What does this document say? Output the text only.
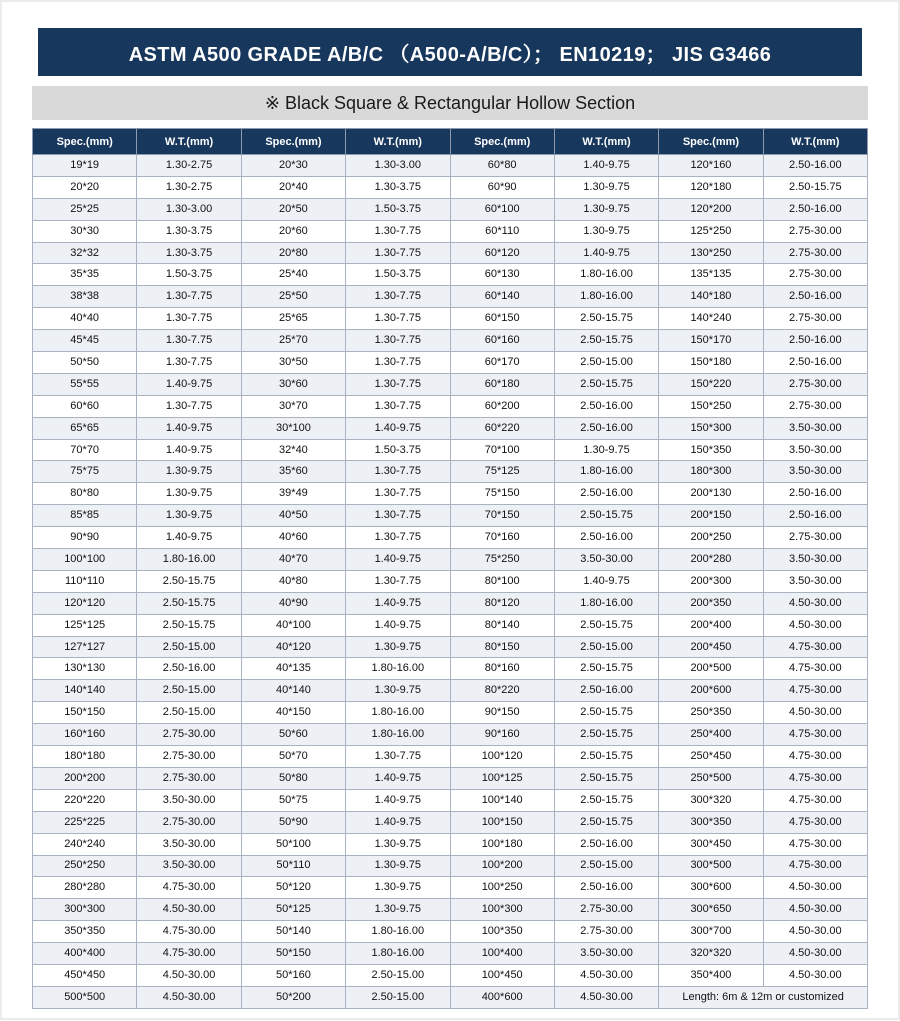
ASTM A500 GRADE A/B/C （A500-A/B/C）； EN10219； JIS G3466
※ Black Square & Rectangular Hollow Section
Spec.(mm)	W.T.(mm)	Spec.(mm)	W.T.(mm)	Spec.(mm)	W.T.(mm)	Spec.(mm)	W.T.(mm)
19*19	1.30-2.75	20*30	1.30-3.00	60*80	1.40-9.75	120*160	2.50-16.00
20*20	1.30-2.75	20*40	1.30-3.75	60*90	1.30-9.75	120*180	2.50-15.75
25*25	1.30-3.00	20*50	1.50-3.75	60*100	1.30-9.75	120*200	2.50-16.00
30*30	1.30-3.75	20*60	1.30-7.75	60*110	1.30-9.75	125*250	2.75-30.00
32*32	1.30-3.75	20*80	1.30-7.75	60*120	1.40-9.75	130*250	2.75-30.00
35*35	1.50-3.75	25*40	1.50-3.75	60*130	1.80-16.00	135*135	2.75-30.00
38*38	1.30-7.75	25*50	1.30-7.75	60*140	1.80-16.00	140*180	2.50-16.00
40*40	1.30-7.75	25*65	1.30-7.75	60*150	2.50-15.75	140*240	2.75-30.00
45*45	1.30-7.75	25*70	1.30-7.75	60*160	2.50-15.75	150*170	2.50-16.00
50*50	1.30-7.75	30*50	1.30-7.75	60*170	2.50-15.00	150*180	2.50-16.00
55*55	1.40-9.75	30*60	1.30-7.75	60*180	2.50-15.75	150*220	2.75-30.00
60*60	1.30-7.75	30*70	1.30-7.75	60*200	2.50-16.00	150*250	2.75-30.00
65*65	1.40-9.75	30*100	1.40-9.75	60*220	2.50-16.00	150*300	3.50-30.00
70*70	1.40-9.75	32*40	1.50-3.75	70*100	1.30-9.75	150*350	3.50-30.00
75*75	1.30-9.75	35*60	1.30-7.75	75*125	1.80-16.00	180*300	3.50-30.00
80*80	1.30-9.75	39*49	1.30-7.75	75*150	2.50-16.00	200*130	2.50-16.00
85*85	1.30-9.75	40*50	1.30-7.75	70*150	2.50-15.75	200*150	2.50-16.00
90*90	1.40-9.75	40*60	1.30-7.75	70*160	2.50-16.00	200*250	2.75-30.00
100*100	1.80-16.00	40*70	1.40-9.75	75*250	3.50-30.00	200*280	3.50-30.00
110*110	2.50-15.75	40*80	1.30-7.75	80*100	1.40-9.75	200*300	3.50-30.00
120*120	2.50-15.75	40*90	1.40-9.75	80*120	1.80-16.00	200*350	4.50-30.00
125*125	2.50-15.75	40*100	1.40-9.75	80*140	2.50-15.75	200*400	4.50-30.00
127*127	2.50-15.00	40*120	1.30-9.75	80*150	2.50-15.00	200*450	4.75-30.00
130*130	2.50-16.00	40*135	1.80-16.00	80*160	2.50-15.75	200*500	4.75-30.00
140*140	2.50-15.00	40*140	1.30-9.75	80*220	2.50-16.00	200*600	4.75-30.00
150*150	2.50-15.00	40*150	1.80-16.00	90*150	2.50-15.75	250*350	4.50-30.00
160*160	2.75-30.00	50*60	1.80-16.00	90*160	2.50-15.75	250*400	4.75-30.00
180*180	2.75-30.00	50*70	1.30-7.75	100*120	2.50-15.75	250*450	4.75-30.00
200*200	2.75-30.00	50*80	1.40-9.75	100*125	2.50-15.75	250*500	4.75-30.00
220*220	3.50-30.00	50*75	1.40-9.75	100*140	2.50-15.75	300*320	4.75-30.00
225*225	2.75-30.00	50*90	1.40-9.75	100*150	2.50-15.75	300*350	4.75-30.00
240*240	3.50-30.00	50*100	1.30-9.75	100*180	2.50-16.00	300*450	4.75-30.00
250*250	3.50-30.00	50*110	1.30-9.75	100*200	2.50-15.00	300*500	4.75-30.00
280*280	4.75-30.00	50*120	1.30-9.75	100*250	2.50-16.00	300*600	4.50-30.00
300*300	4.50-30.00	50*125	1.30-9.75	100*300	2.75-30.00	300*650	4.50-30.00
350*350	4.75-30.00	50*140	1.80-16.00	100*350	2.75-30.00	300*700	4.50-30.00
400*400	4.75-30.00	50*150	1.80-16.00	100*400	3.50-30.00	320*320	4.50-30.00
450*450	4.50-30.00	50*160	2.50-15.00	100*450	4.50-30.00	350*400	4.50-30.00
500*500	4.50-30.00	50*200	2.50-15.00	400*600	4.50-30.00	Length: 6m & 12m or customized	
